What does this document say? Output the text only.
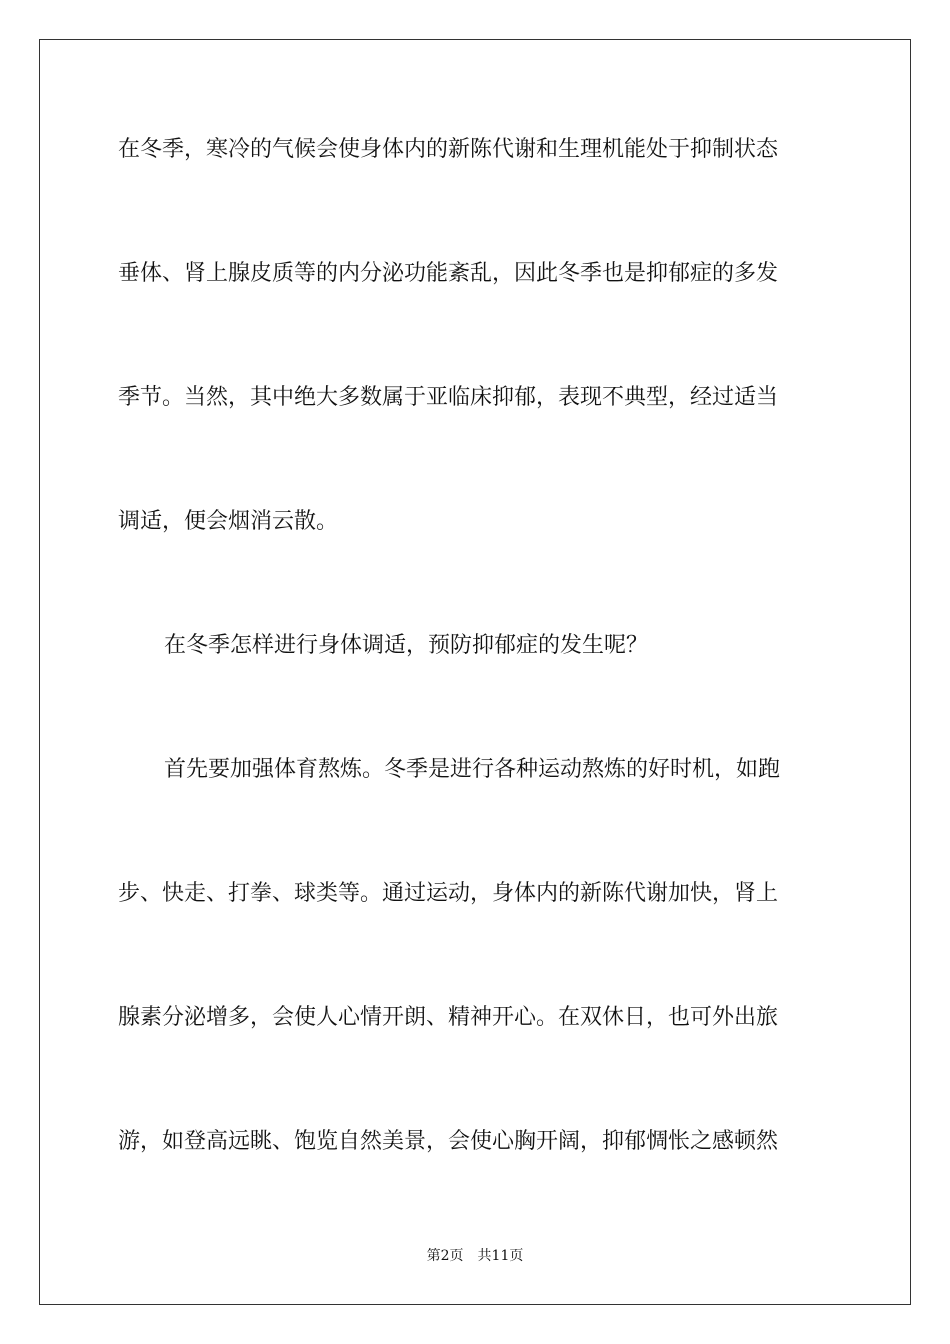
在冬季，寒冷的气候会使身体内的新陈代谢和生理机能处于抑制状态

垂体、肾上腺皮质等的内分泌功能紊乱，因此冬季也是抑郁症的多发

季节。当然，其中绝大多数属于亚临床抑郁，表现不典型，经过适当

调适，便会烟消云散。

在冬季怎样进行身体调适，预防抑郁症的发生呢？

首先要加强体育熬炼。冬季是进行各种运动熬炼的好时机，如跑

步、快走、打拳、球类等。通过运动，身体内的新陈代谢加快，肾上

腺素分泌增多，会使人心情开朗、精神开心。在双休日，也可外出旅

游，如登高远眺、饱览自然美景，会使心胸开阔，抑郁惆怅之感顿然

第2页 共11页
